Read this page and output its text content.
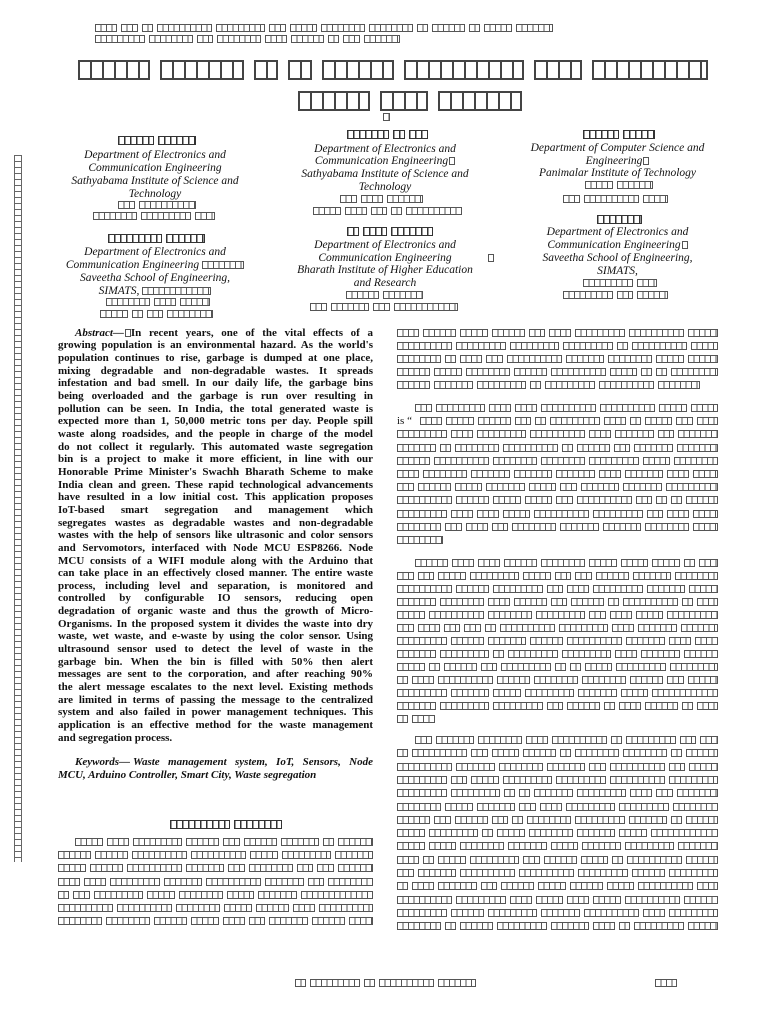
Department of Electronics and
Communication Engineering
Sathyabama Institute of Science and
Technology
Department of Electronics and
Communication Engineering
Saveetha School of Engineering,
SIMATS,
Department of Electronics and
Communication Engineering
Sathyabama Institute of Science and
Technology
Department of Electronics and
Communication Engineering
Bharath Institute of Higher Education
and Research
Department of Computer Science and
Engineering
Panimalar Institute of Technology
Department of Electronics and
Communication Engineering
Saveetha School of Engineering,
SIMATS,
Abstract— In recent years, one of the vital effects of a
growing population is an environmental hazard. As the world's
population continues to rise, garbage is dumped at one place,
mixing degradable and non-degradable wastes. It spreads
infestation and bad smell. In our daily life, the garbage bins
being overloaded and the garbage is run over resulting in
pollution can be seen. In India, the total generated waste is
expected more than 1, 50,000 metric tons per day. People spill
waste along roadsides, and the people in charge of the model
do not collect it regularly. This automated waste segregation
bin is a project to make it more efficient, in line with our
Honorable Prime Minister's Swachh Bharath Scheme to make
India clean and green. These rapid technological advancements
have resulted in a low initial cost. This application proposes
IoT-based smart segregation and management which
segregates wastes as degradable wastes and non-degradable
wastes with the help of sensors like ultrasonic and color sensors
and Servomotors, interfaced with Node MCU ESP8266. Node
MCU consists of a WIFI module along with the Arduino that
can take place in an effectively closed manner. The entire waste
process, including level and separation, is monitored and
controlled by configurable IO sensors, reducing open
degradation of organic waste and thus the growth of Micro-
Organisms. In the proposed system it divides the waste into dry
waste, wet waste, and e-waste by using the color sensor. Using
ultrasound sensor used to detect the level of waste in the
garbage bin. When the bin is filled with 50% then alert
messages are sent to the corporation, and after reaching 90%
the alert message escalates to the next level. Existing methods
are limited in terms of passing the message to the centralized
system and also failed in power management techniques. This
application is an effective method for the waste management
and segregation process.
Keywords— Waste management system, IoT, Sensors, Node
MCU, Arduino Controller, Smart City, Waste segregation
is “
